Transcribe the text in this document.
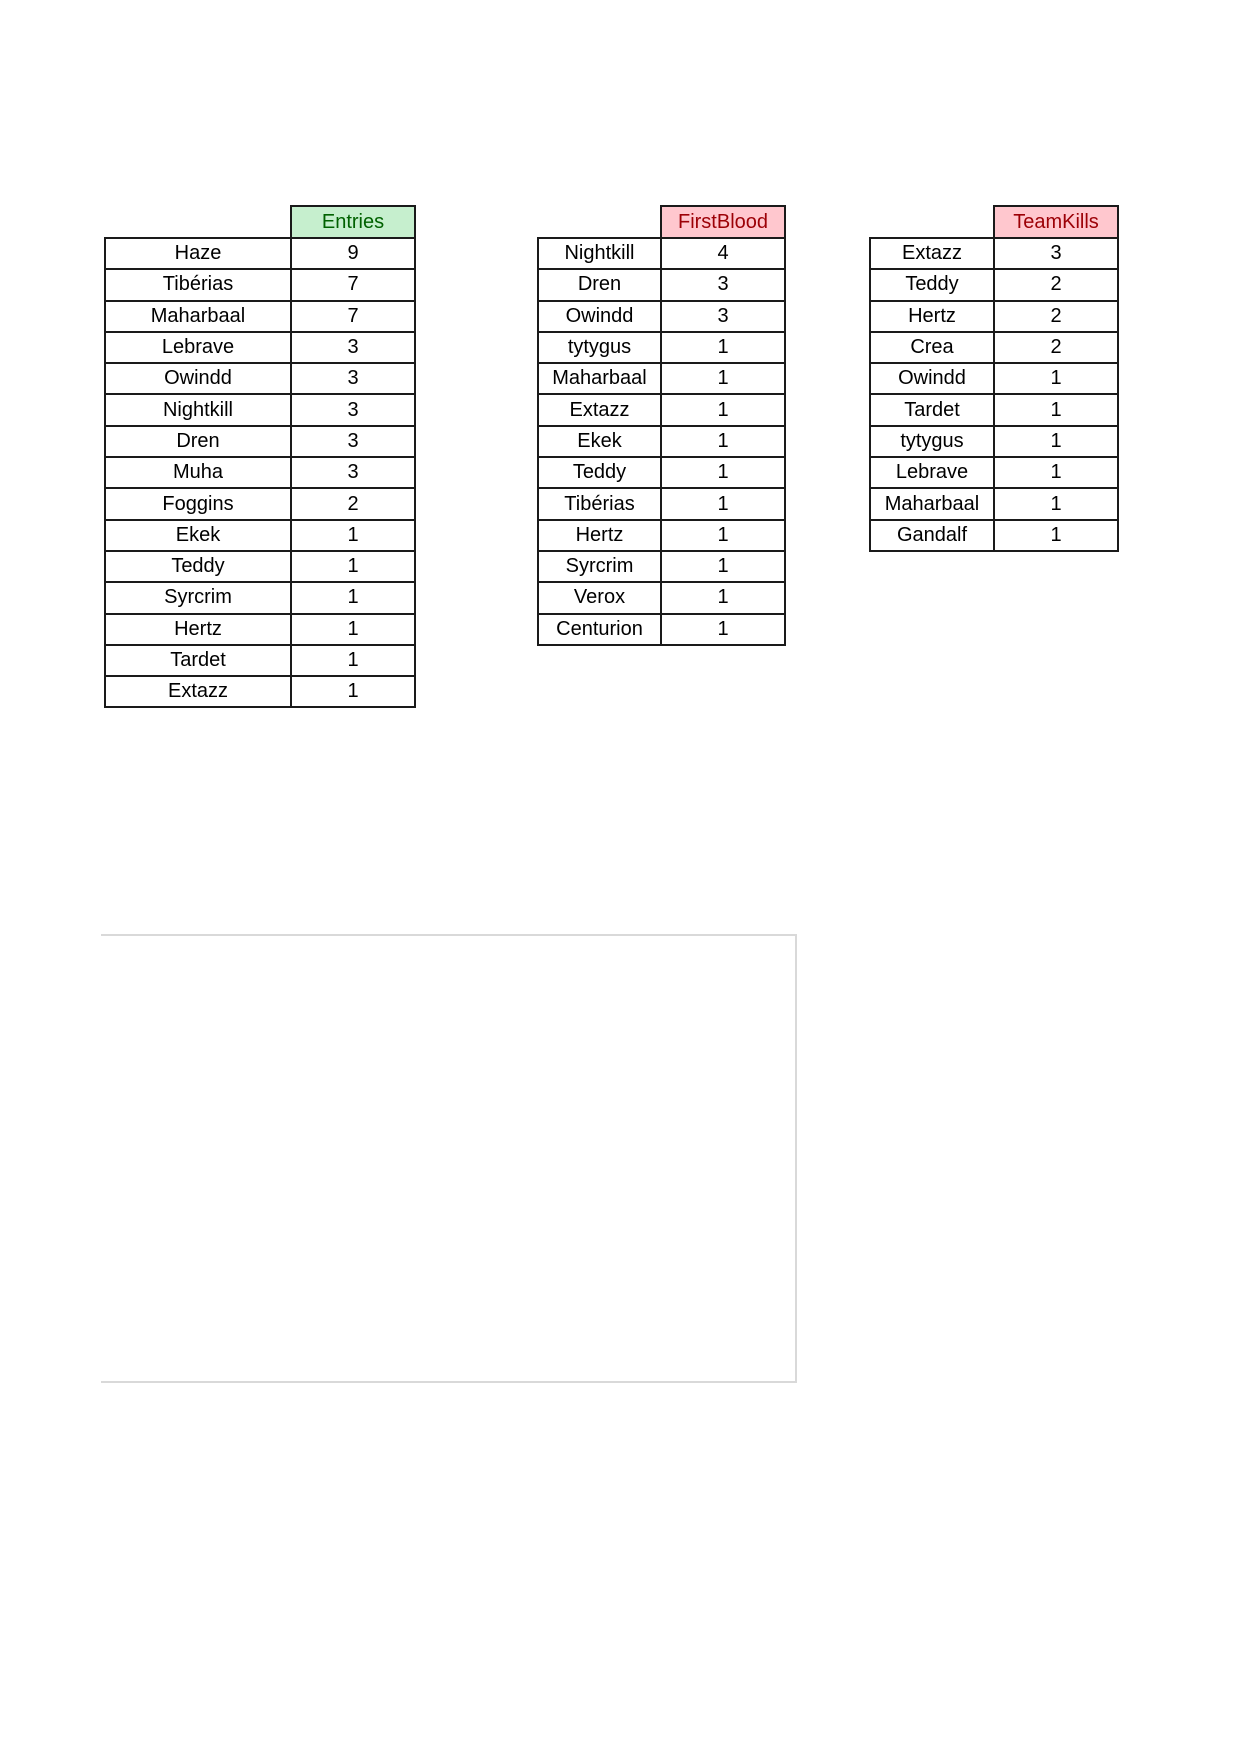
Entries
Haze	9
Tibérias	7
Maharbaal	7
Lebrave	3
Owindd	3
Nightkill	3
Dren	3
Muha	3
Foggins	2
Ekek	1
Teddy	1
Syrcrim	1
Hertz	1
Tardet	1
Extazz	1
FirstBlood
Nightkill	4
Dren	3
Owindd	3
tytygus	1
Maharbaal	1
Extazz	1
Ekek	1
Teddy	1
Tibérias	1
Hertz	1
Syrcrim	1
Verox	1
Centurion	1
TeamKills
Extazz	3
Teddy	2
Hertz	2
Crea	2
Owindd	1
Tardet	1
tytygus	1
Lebrave	1
Maharbaal	1
Gandalf	1
